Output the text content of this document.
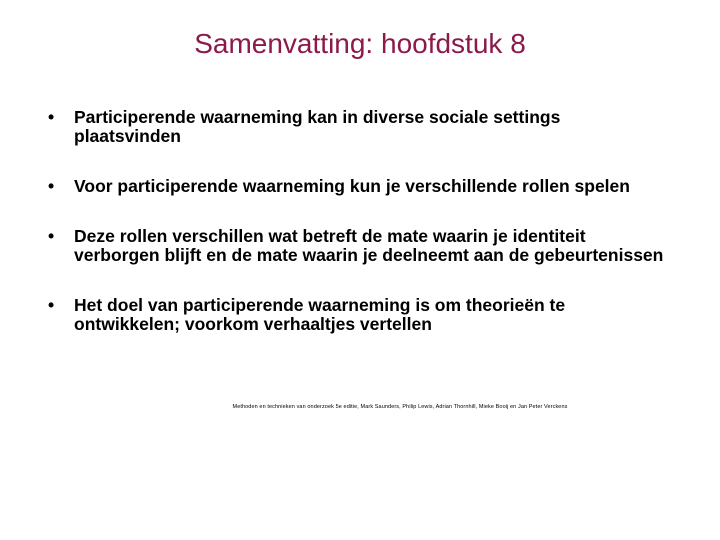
Samenvatting: hoofdstuk 8
• Participerende waarneming kan in diverse sociale settings plaatsvinden
• Voor participerende waarneming kun je verschillende rollen spelen
• Deze rollen verschillen wat betreft de mate waarin je identiteit verborgen blijft en de mate waarin je deelneemt aan de gebeurtenissen
• Het doel van participerende waarneming is om theorieën te ontwikkelen; voorkom verhaaltjes vertellen
Methoden en technieken van onderzoek 5e editie, Mark Saunders, Philip Lewis, Adrian Thornhill, Mieke Booij en Jan Peter Verckens
